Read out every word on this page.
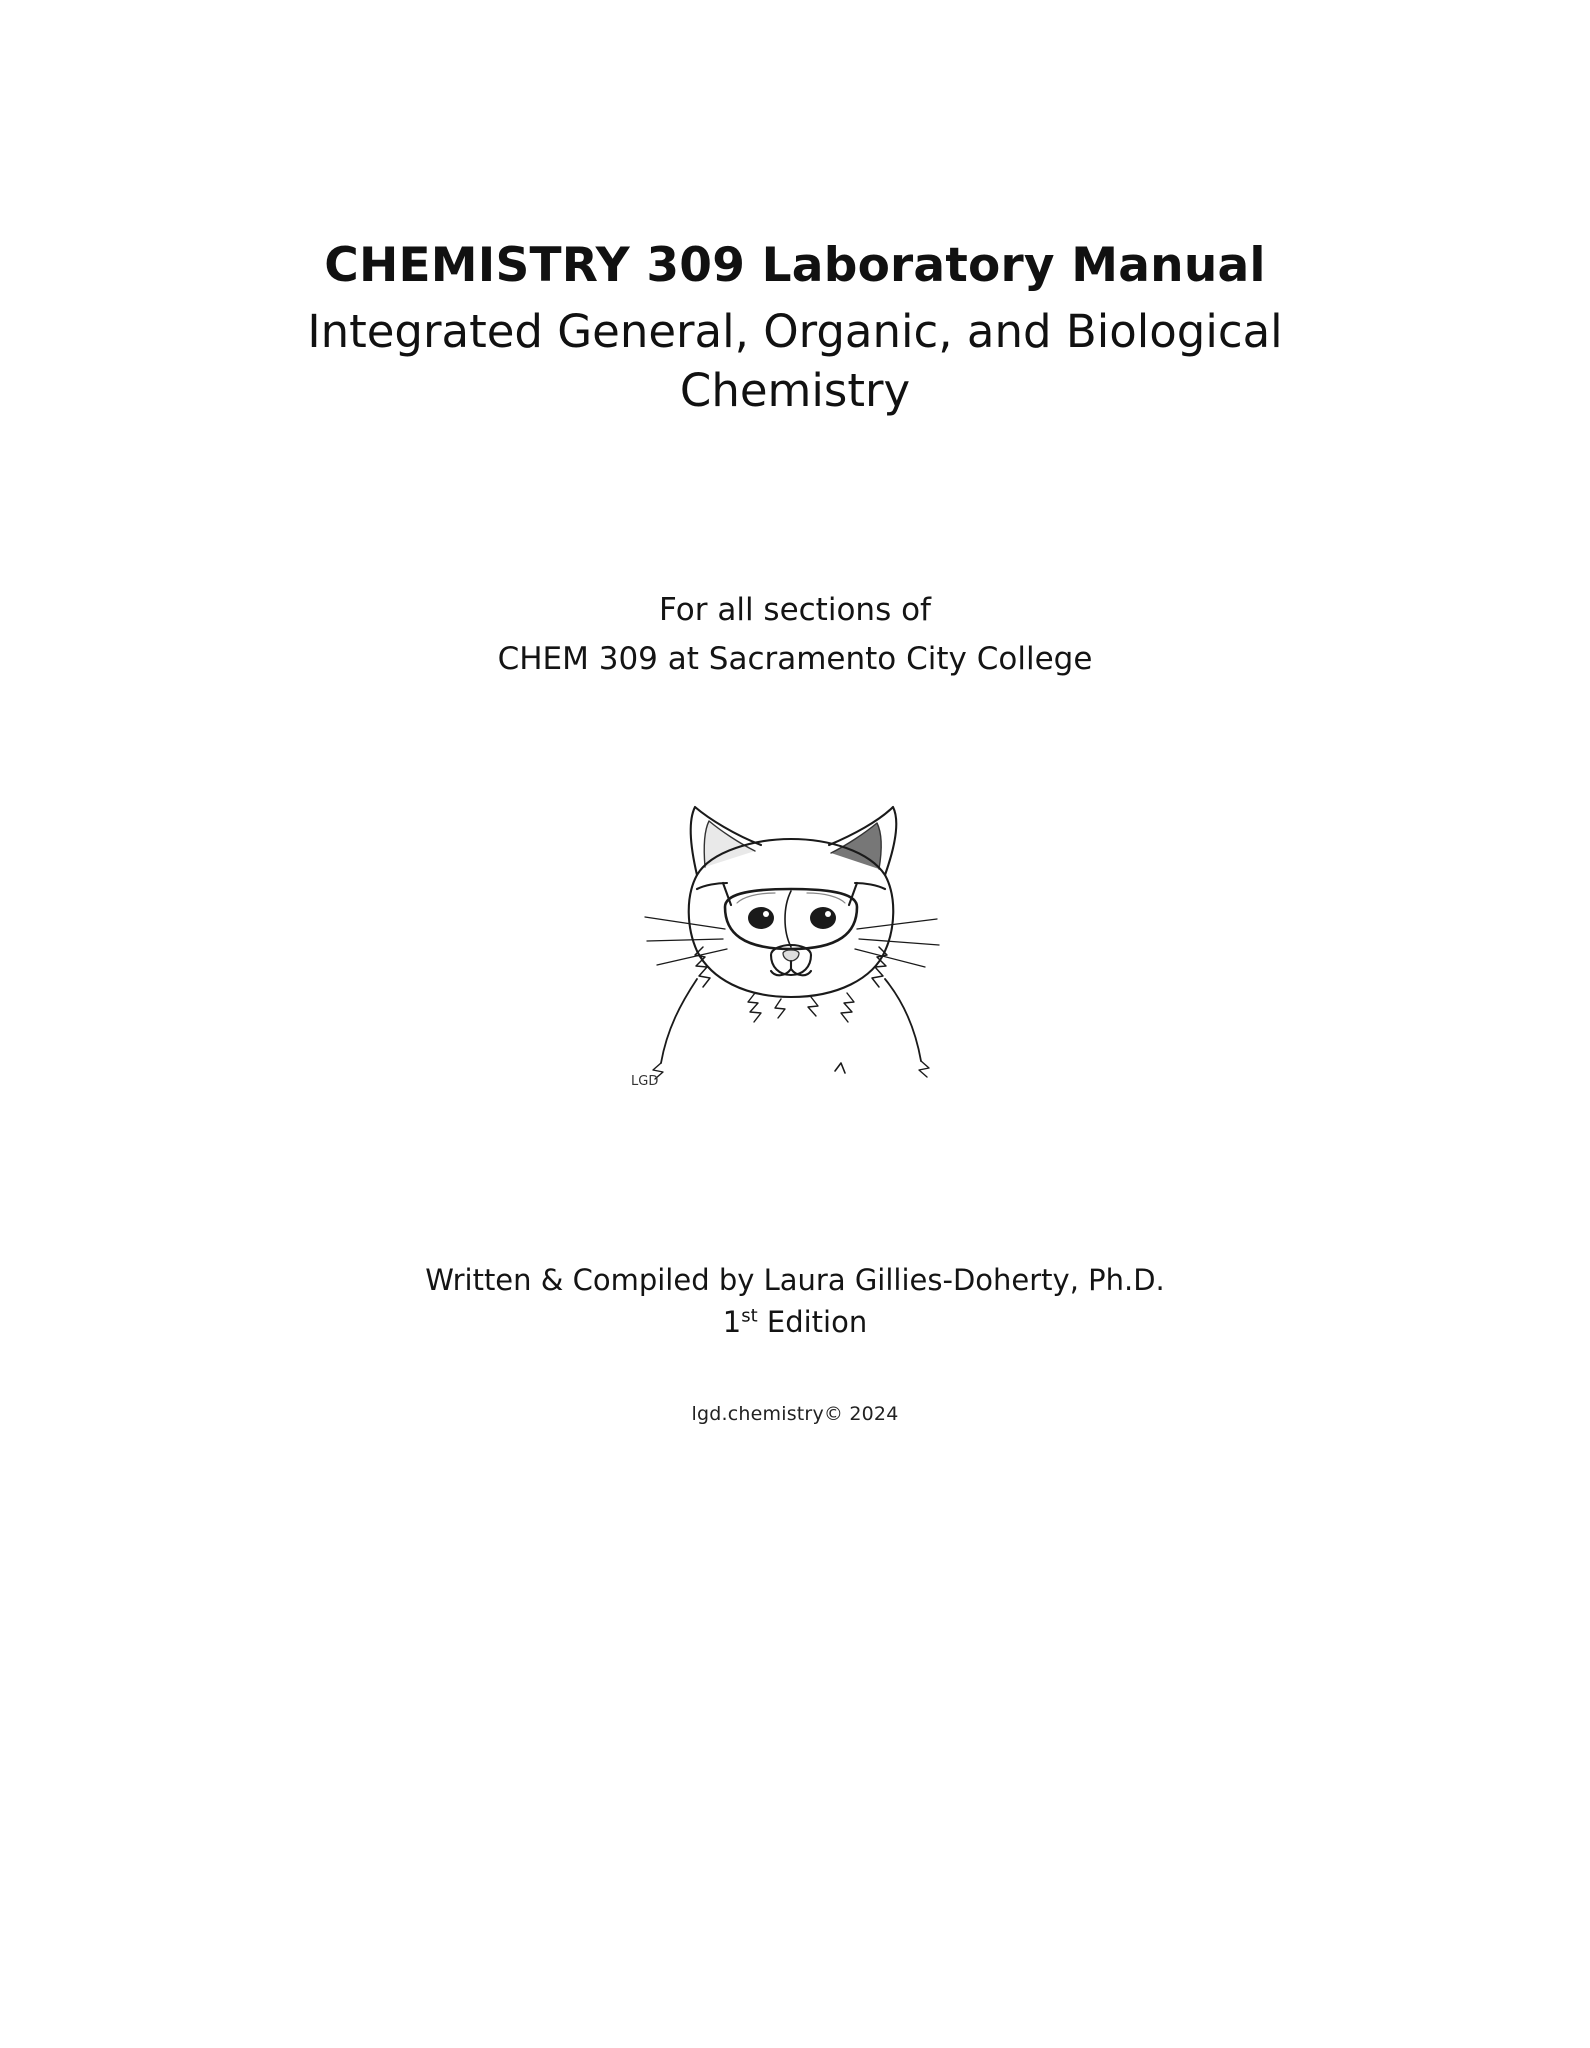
CHEMISTRY 309 Laboratory Manual
Integrated General, Organic, and Biological Chemistry
For all sections of
CHEM 309 at Sacramento City College
LGD
Written & Compiled by Laura Gillies-Doherty, Ph.D.
1st Edition
lgd.chemistry© 2024
